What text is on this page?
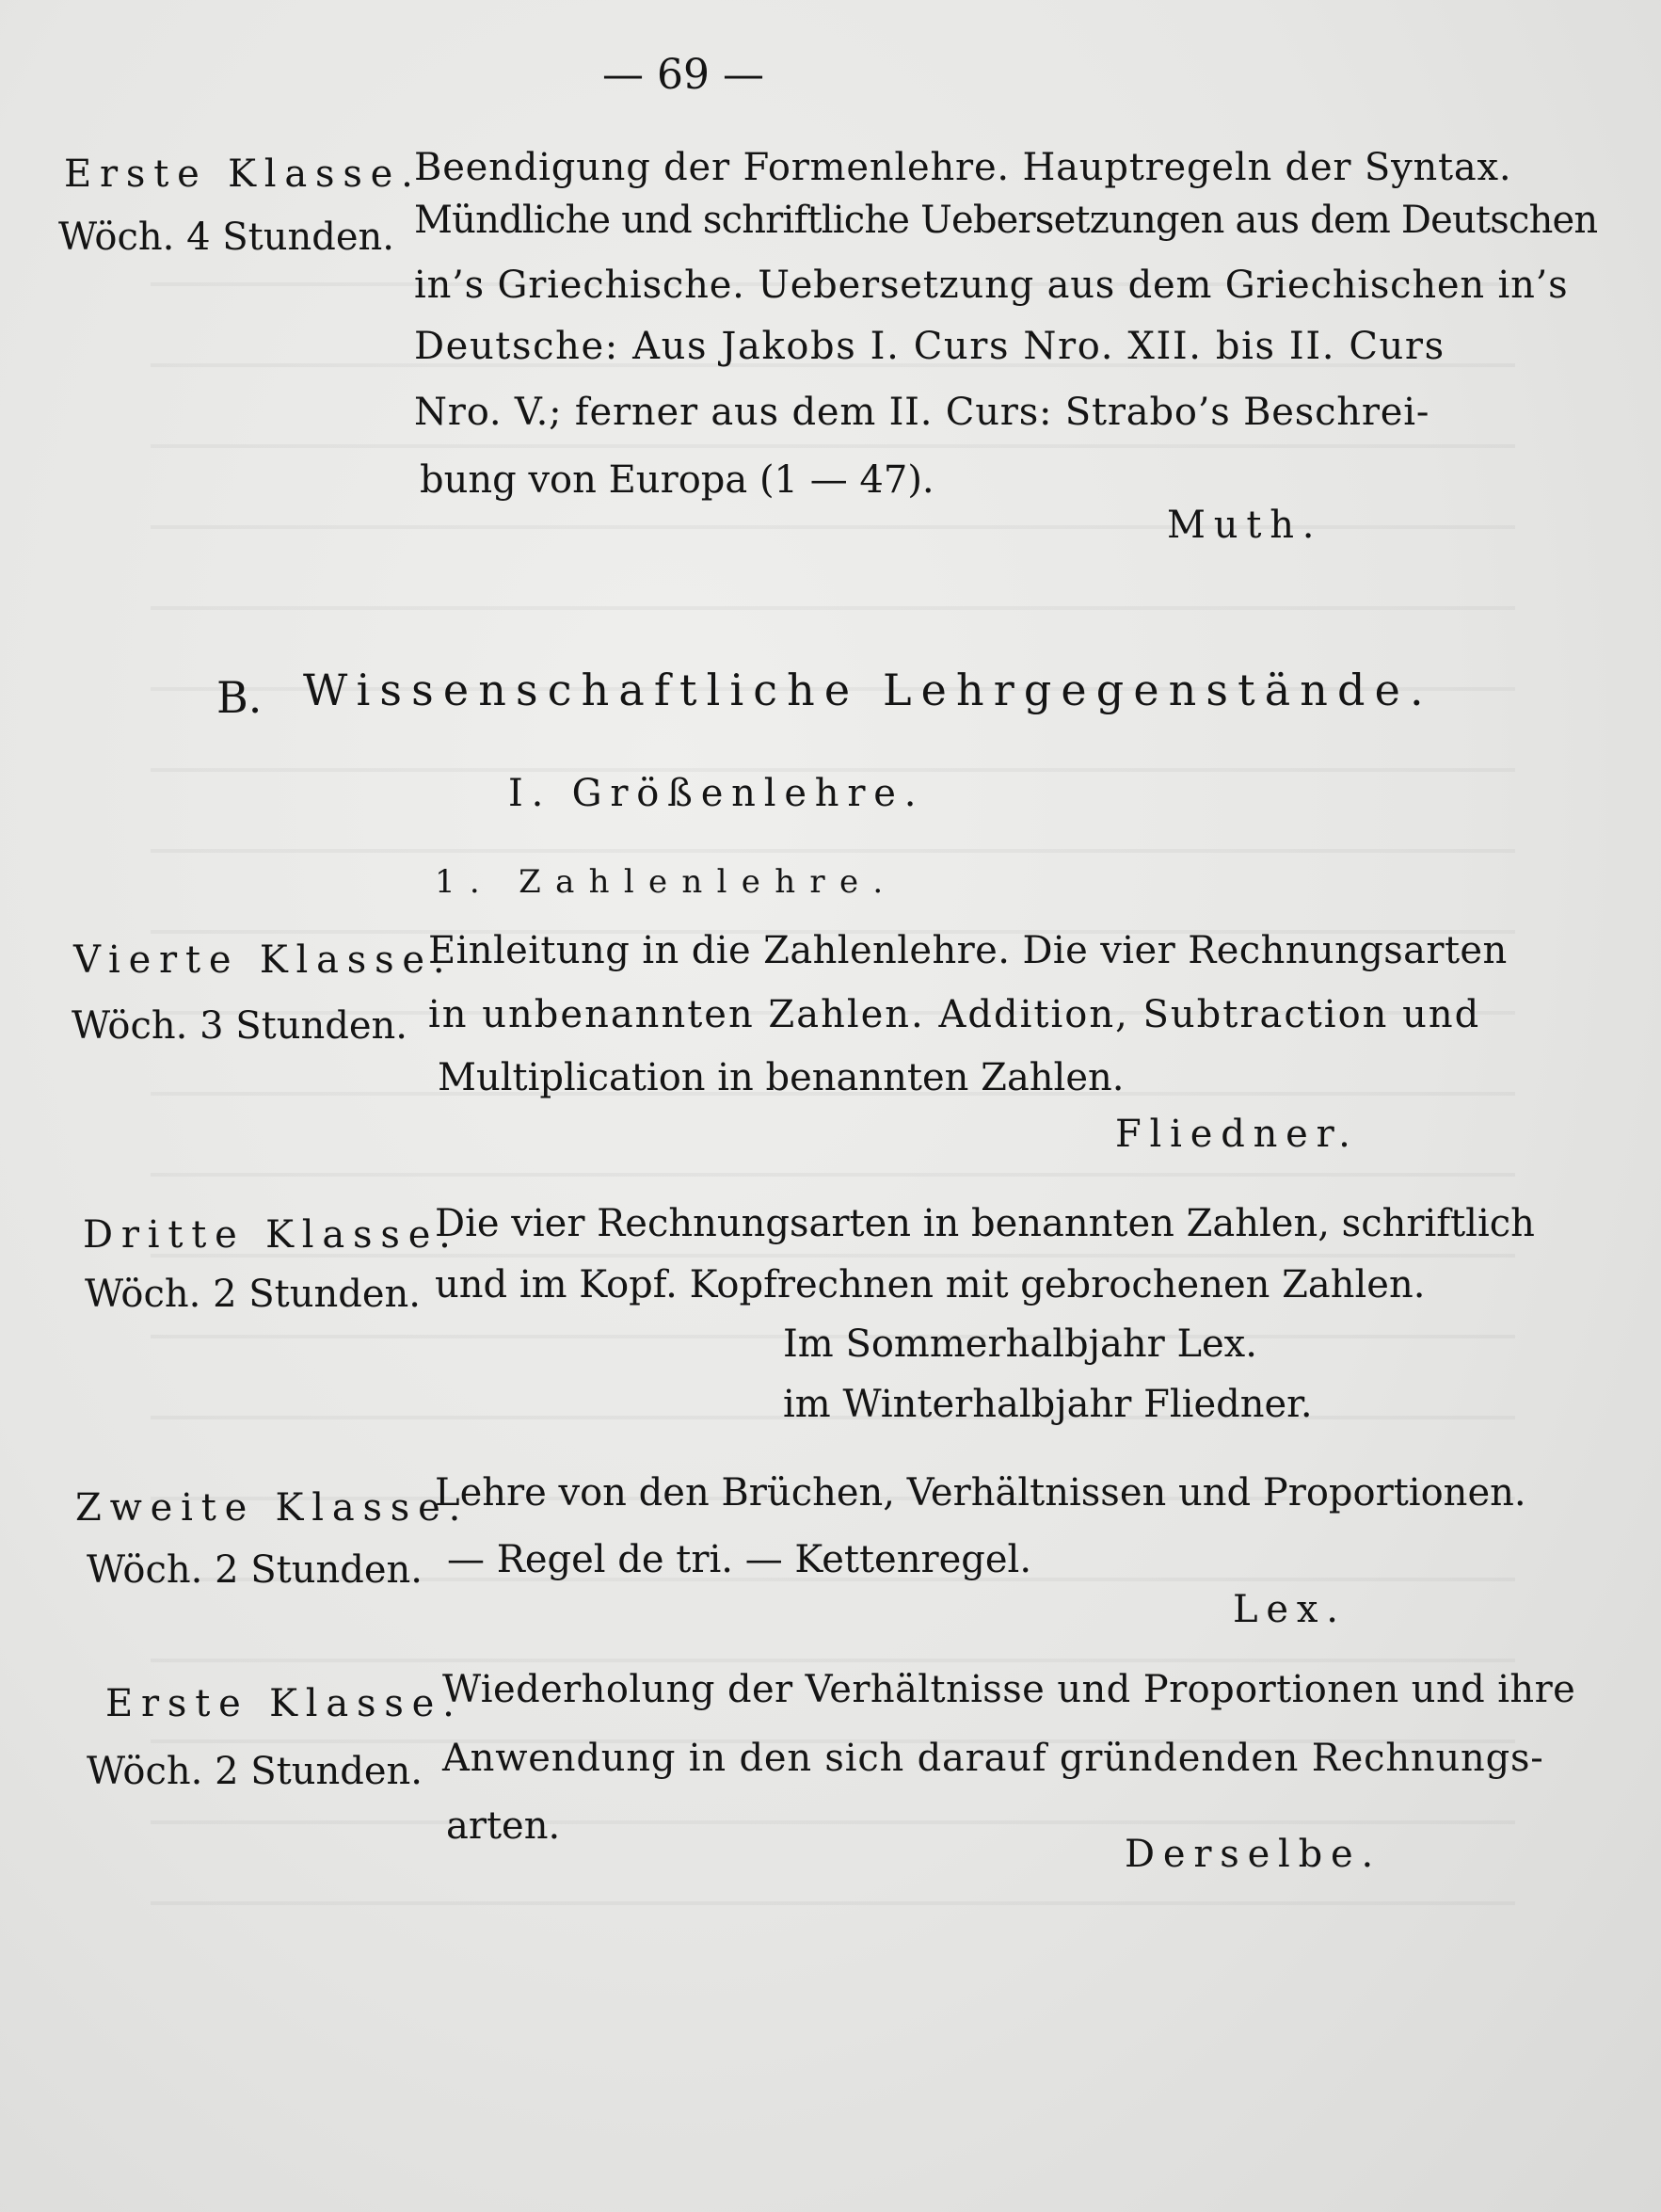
— 69 —
Erste Klasse.
Wöch. 4 Stunden.
Beendigung der Formenlehre. Hauptregeln der Syntax.
Mündliche und schriftliche Uebersetzungen aus dem Deutschen
in’s Griechische. Uebersetzung aus dem Griechischen in’s
Deutsche: Aus Jakobs I. Curs Nro. XII. bis II. Curs
Nro. V.; ferner aus dem II. Curs: Strabo’s Beschrei-
bung von Europa (1 — 47).
Muth.
B. Wissenschaftliche Lehrgegenstände.
I. Größenlehre.
1. Zahlenlehre.
Vierte Klasse.
Wöch. 3 Stunden.
Einleitung in die Zahlenlehre. Die vier Rechnungsarten
in unbenannten Zahlen. Addition, Subtraction und
Multiplication in benannten Zahlen.
Fliedner.
Dritte Klasse.
Wöch. 2 Stunden.
Die vier Rechnungsarten in benannten Zahlen, schriftlich
und im Kopf. Kopfrechnen mit gebrochenen Zahlen.
Im Sommerhalbjahr Lex.
im Winterhalbjahr Fliedner.
Zweite Klasse.
Wöch. 2 Stunden.
Lehre von den Brüchen, Verhältnissen und Proportionen.
— Regel de tri. — Kettenregel.
Lex.
Erste Klasse.
Wöch. 2 Stunden.
Wiederholung der Verhältnisse und Proportionen und ihre
Anwendung in den sich darauf gründenden Rechnungs-
arten.
Derselbe.
